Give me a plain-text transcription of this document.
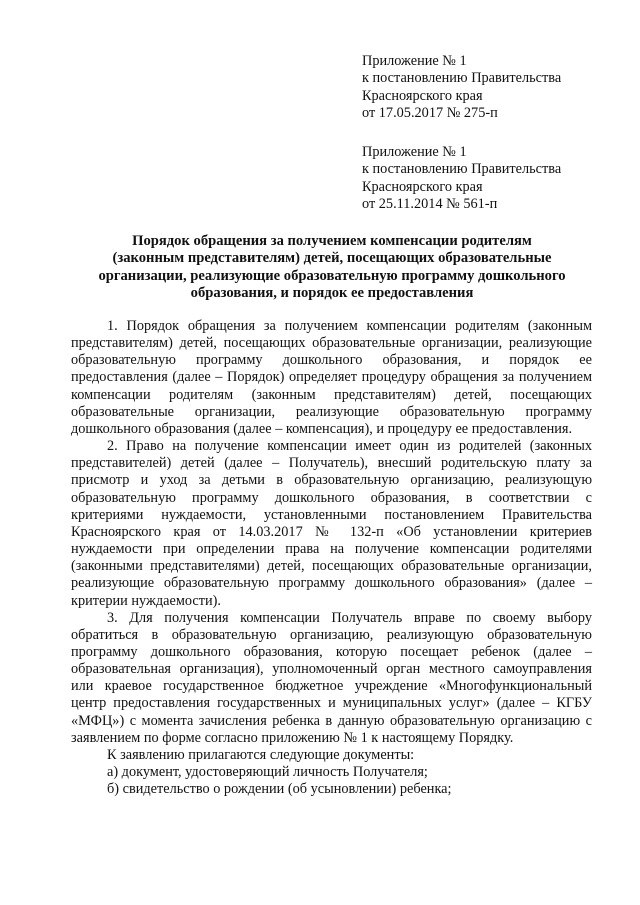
Приложение № 1
к постановлению Правительства
Красноярского края
от 17.05.2017 № 275-п
Приложение № 1
к постановлению Правительства
Красноярского края
от 25.11.2014 № 561-п
Порядок обращения за получением компенсации родителям
(законным представителям) детей, посещающих образовательные
организации, реализующие образовательную программу дошкольного
образования, и порядок ее предоставления

1. Порядок обращения за получением компенсации родителям (законным представителям) детей, посещающих образовательные организации, реализующие образовательную программу дошкольного образования, и порядок ее предоставления (далее – Порядок) определяет процедуру обращения за получением компенсации родителям (законным представителям) детей, посещающих образовательные организации, реализующие образовательную программу дошкольного образования (далее – компенсация), и процедуру ее предоставления.

2. Право на получение компенсации имеет один из родителей (законных представителей) детей (далее – Получатель), внесший родительскую плату за присмотр и уход за детьми в образовательную организацию, реализующую образовательную программу дошкольного образования, в соответствии с критериями нуждаемости, установленными постановлением Правительства Красноярского края от 14.03.2017 № 132-п «Об установлении критериев нуждаемости при определении права на получение компенсации родителями (законными представителями) детей, посещающих образовательные организации, реализующие образовательную программу дошкольного образования» (далее – критерии нуждаемости).

3. Для получения компенсации Получатель вправе по своему выбору обратиться в образовательную организацию, реализующую образовательную программу дошкольного образования, которую посещает ребенок (далее – образовательная организация), уполномоченный орган местного самоуправления или краевое государственное бюджетное учреждение «Многофункциональный центр предоставления государственных и муниципальных услуг» (далее – КГБУ «МФЦ») с момента зачисления ребенка в данную образовательную организацию с заявлением по форме согласно приложению № 1 к настоящему Порядку.

К заявлению прилагаются следующие документы:

а) документ, удостоверяющий личность Получателя;

б) свидетельство о рождении (об усыновлении) ребенка;
